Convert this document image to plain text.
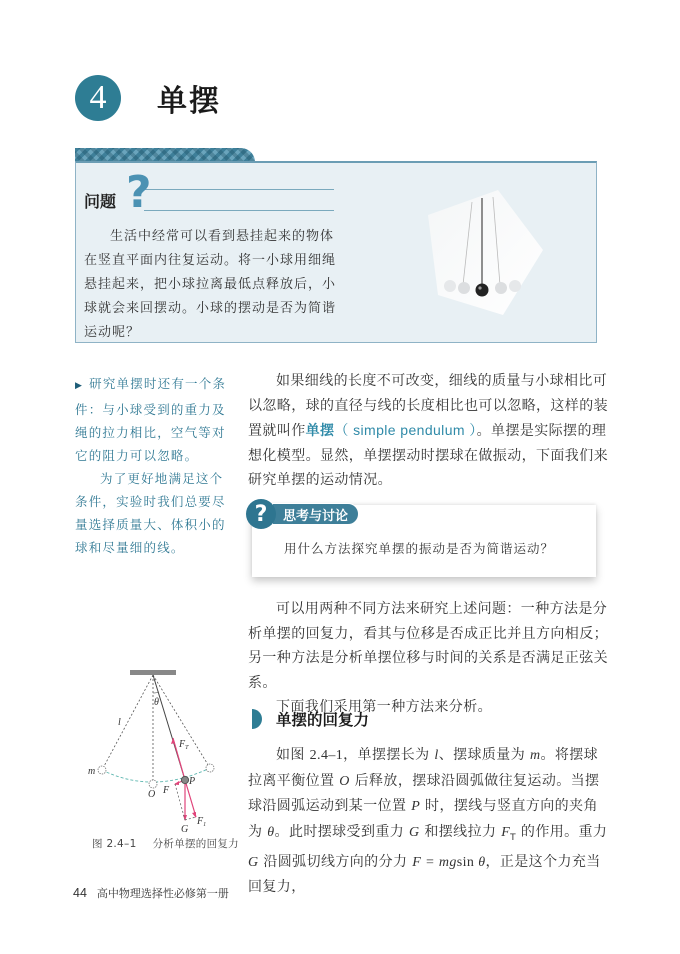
4	单摆
问题 ?
生活中经常可以看到悬挂起来的物体在竖直平面内往复运动。将一小球用细绳悬挂起来，把小球拉离最低点释放后，小球就会来回摆动。小球的摆动是否为简谐运动呢？

▶ 研究单摆时还有一个条件：与小球受到的重力及绳的拉力相比，空气等对它的阻力可以忽略。

为了更好地满足这个条件，实验时我们总要尽量选择质量大、体积小的球和尽量细的线。

如果细线的长度不可改变，细线的质量与小球相比可以忽略，球的直径与线的长度相比也可以忽略，这样的装置就叫作单摆（ simple pendulum ）。单摆是实际摆的理想化模型。显然，单摆摆动时摆球在做振动，下面我们来研究单摆的运动情况。

?	思考与讨论
用什么方法探究单摆的振动是否为简谐运动？

可以用两种不同方法来研究上述问题：一种方法是分析单摆的回复力，看其与位移是否成正比并且方向相反；另一种方法是分析单摆位移与时间的关系是否满足正弦关系。

下面我们采用第一种方法来分析。

单摆的回复力

如图 2.4–1，单摆摆长为 l、摆球质量为 m。将摆球拉离平衡位置 O 后释放，摆球沿圆弧做往复运动。当摆球沿圆弧运动到某一位置 P 时，摆线与竖直方向的夹角为 θ。此时摆球受到重力 G 和摆线拉力 $F_T$ 的作用。重力 G 沿圆弧切线方向的分力 F = mgsin θ，正是这个力充当回复力，

l
θ
$F_T$
m
O F
P
G
$F_1$
图 2.4–1 分析单摆的回复力
44 高中物理选择性必修第一册
